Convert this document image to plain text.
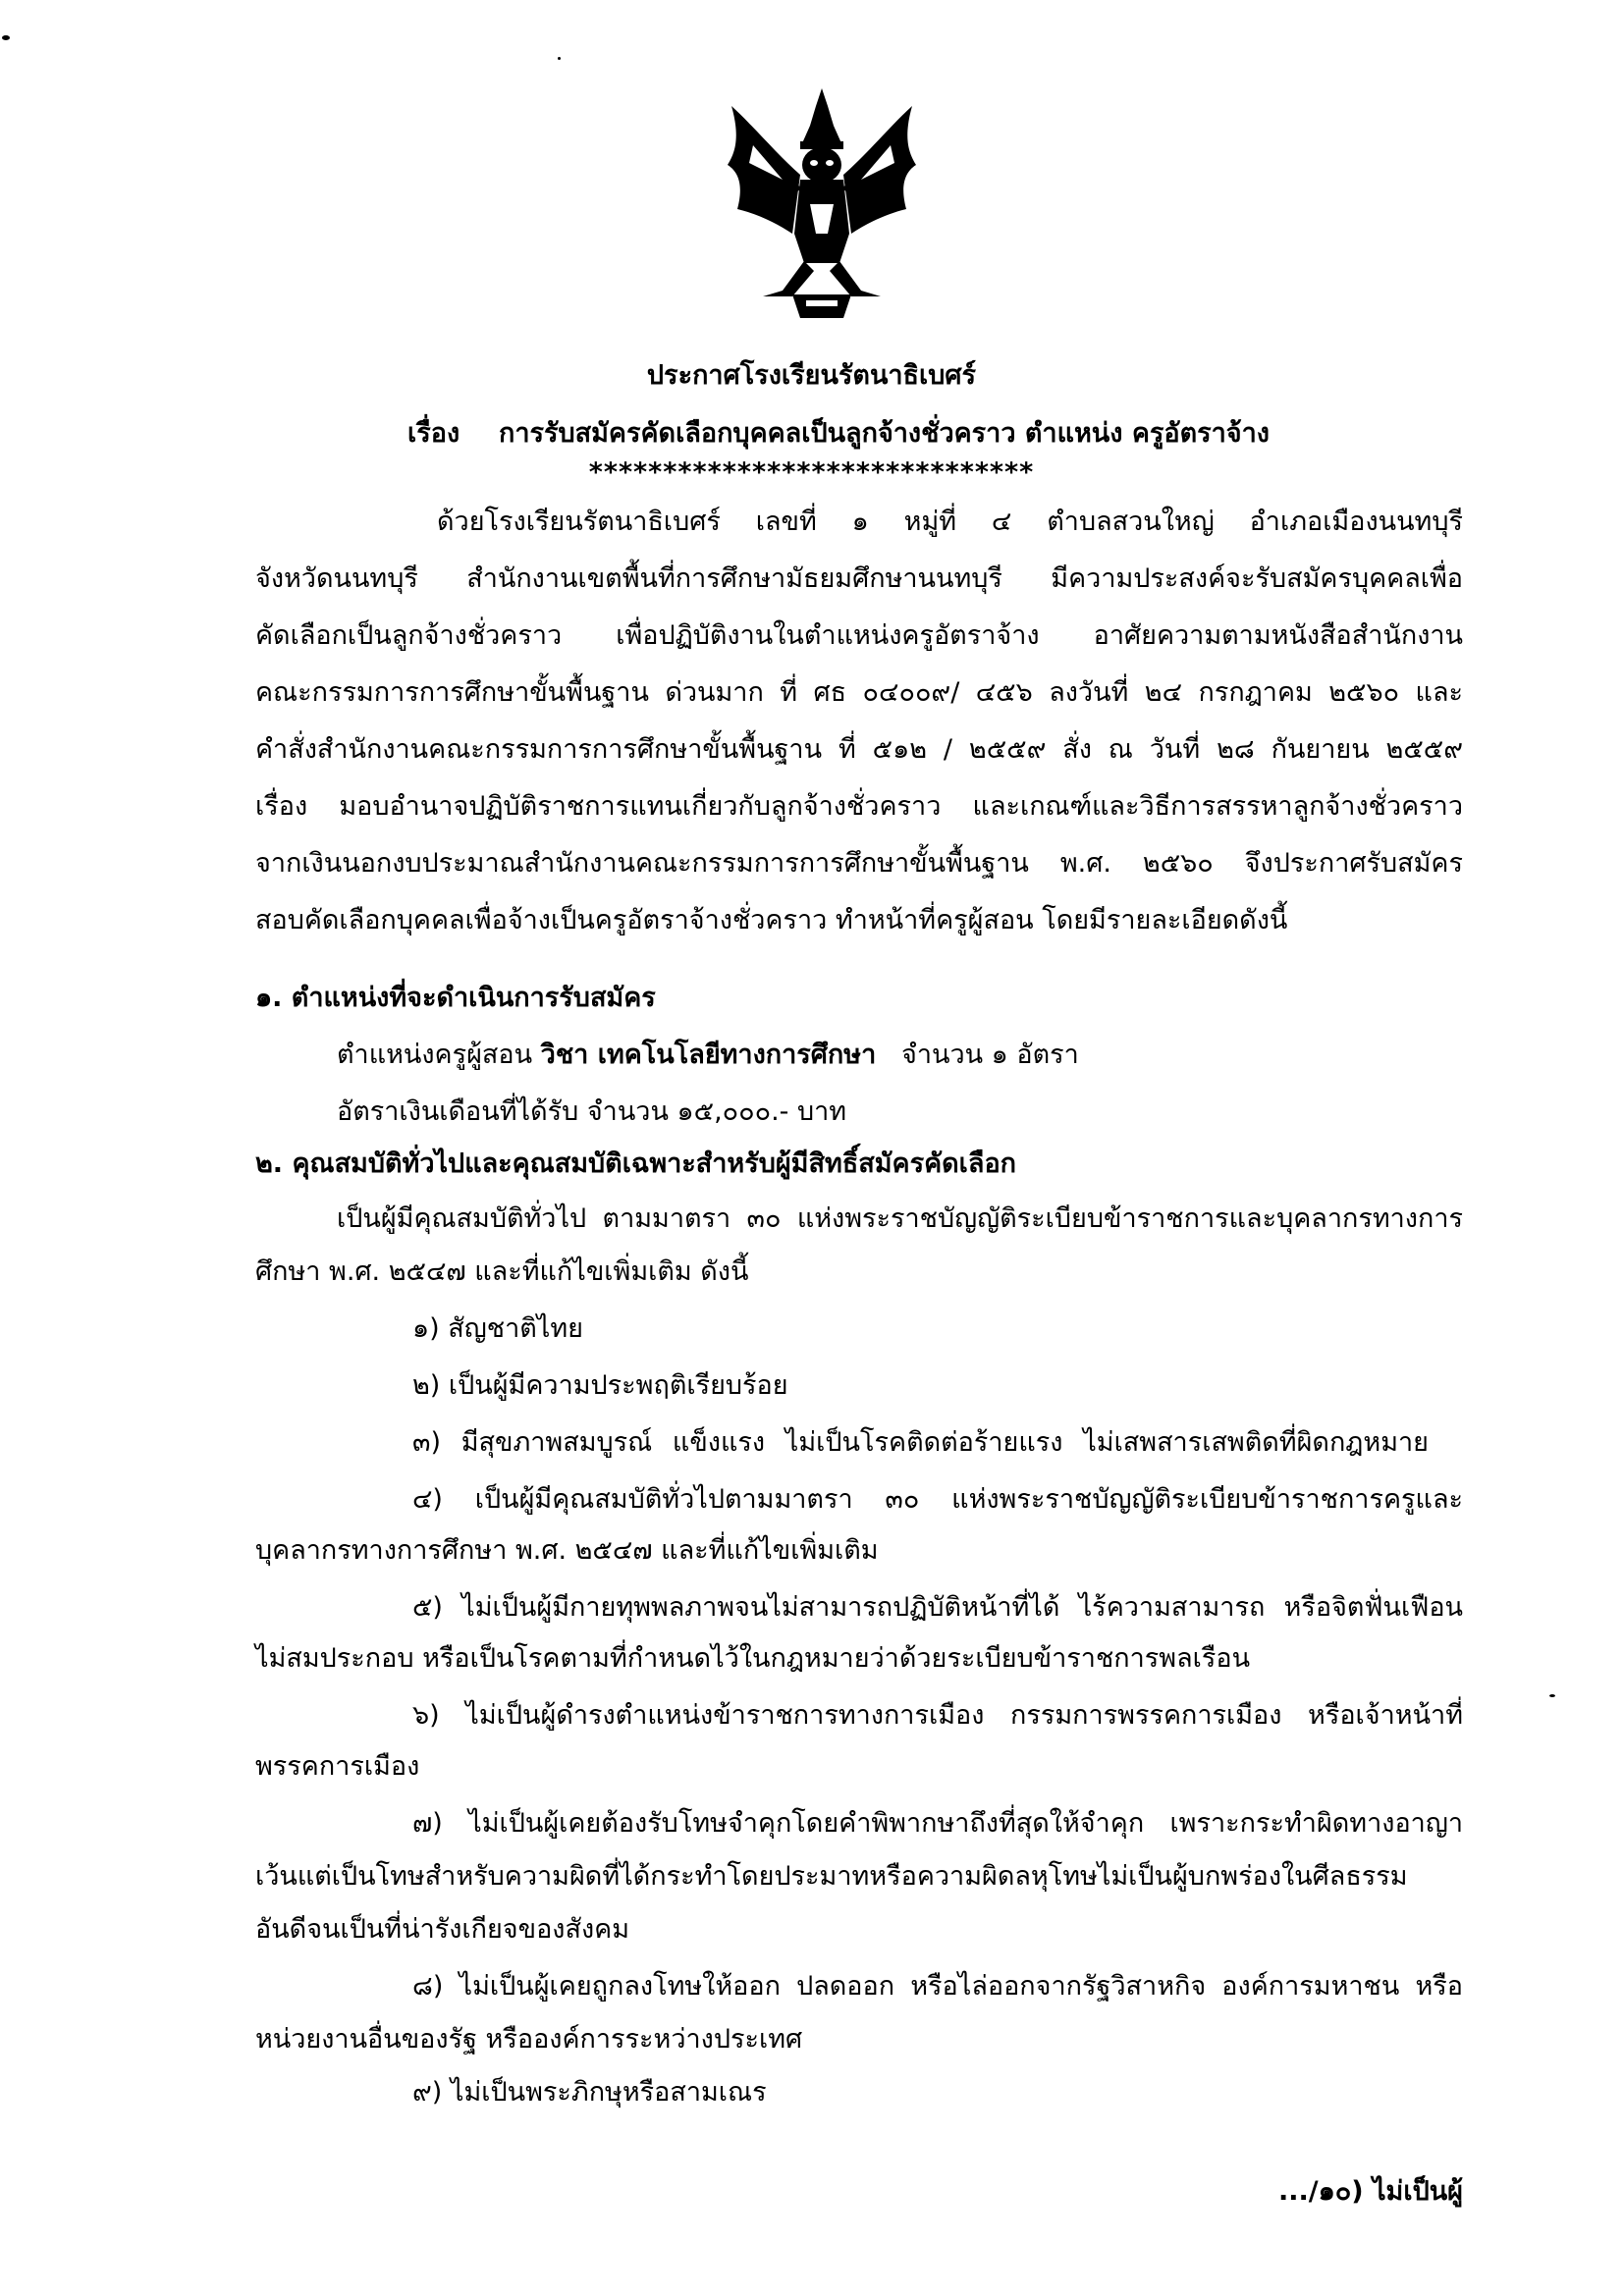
ประกาศโรงเรียนรัตนาธิเบศร์
เรื่อง การรับสมัครคัดเลือกบุคคลเป็นลูกจ้างชั่วคราว ตำแหน่ง ครูอัตราจ้าง
******************************
ด้วยโรงเรียนรัตนาธิเบศร์ เลขที่ ๑ หมู่ที่ ๔ ตำบลสวนใหญ่ อำเภอเมืองนนทบุรี
จังหวัดนนทบุรี สำนักงานเขตพื้นที่การศึกษามัธยมศึกษานนทบุรี มีความประสงค์จะรับสมัครบุคคลเพื่อ
คัดเลือกเป็นลูกจ้างชั่วคราว เพื่อปฏิบัติงานในตำแหน่งครูอัตราจ้าง อาศัยความตามหนังสือสำนักงาน
คณะกรรมการการศึกษาขั้นพื้นฐาน ด่วนมาก ที่ ศธ ๐๔๐๐๙/ ๔๕๖ ลงวันที่ ๒๔ กรกฎาคม ๒๕๖๐ และ
คำสั่งสำนักงานคณะกรรมการการศึกษาขั้นพื้นฐาน ที่ ๕๑๒ / ๒๕๕๙ สั่ง ณ วันที่ ๒๘ กันยายน ๒๕๕๙
เรื่อง มอบอำนาจปฏิบัติราชการแทนเกี่ยวกับลูกจ้างชั่วคราว และเกณฑ์และวิธีการสรรหาลูกจ้างชั่วคราว
จากเงินนอกงบประมาณสำนักงานคณะกรรมการการศึกษาขั้นพื้นฐาน พ.ศ. ๒๕๖๐ จึงประกาศรับสมัคร
สอบคัดเลือกบุคคลเพื่อจ้างเป็นครูอัตราจ้างชั่วคราว ทำหน้าที่ครูผู้สอน โดยมีรายละเอียดดังนี้
๑. ตำแหน่งที่จะดำเนินการรับสมัคร
ตำแหน่งครูผู้สอน วิชา เทคโนโลยีทางการศึกษา จำนวน ๑ อัตรา
อัตราเงินเดือนที่ได้รับ จำนวน ๑๕,๐๐๐.- บาท
๒. คุณสมบัติทั่วไปและคุณสมบัติเฉพาะสำหรับผู้มีสิทธิ์สมัครคัดเลือก
เป็นผู้มีคุณสมบัติทั่วไป ตามมาตรา ๓๐ แห่งพระราชบัญญัติระเบียบข้าราชการและบุคลากรทางการ
ศึกษา พ.ศ. ๒๕๔๗ และที่แก้ไขเพิ่มเติม ดังนี้
๑) สัญชาติไทย
๒) เป็นผู้มีความประพฤติเรียบร้อย
๓) มีสุขภาพสมบูรณ์ แข็งแรง ไม่เป็นโรคติดต่อร้ายแรง ไม่เสพสารเสพติดที่ผิดกฎหมาย
๔) เป็นผู้มีคุณสมบัติทั่วไปตามมาตรา ๓๐ แห่งพระราชบัญญัติระเบียบข้าราชการครูและ
บุคลากรทางการศึกษา พ.ศ. ๒๕๔๗ และที่แก้ไขเพิ่มเติม
๕) ไม่เป็นผู้มีกายทุพพลภาพจนไม่สามารถปฏิบัติหน้าที่ได้ ไร้ความสามารถ หรือจิตฟั่นเฟือน
ไม่สมประกอบ หรือเป็นโรคตามที่กำหนดไว้ในกฎหมายว่าด้วยระเบียบข้าราชการพลเรือน
๖) ไม่เป็นผู้ดำรงตำแหน่งข้าราชการทางการเมือง กรรมการพรรคการเมือง หรือเจ้าหน้าที่
พรรคการเมือง
๗) ไม่เป็นผู้เคยต้องรับโทษจำคุกโดยคำพิพากษาถึงที่สุดให้จำคุก เพราะกระทำผิดทางอาญา
เว้นแต่เป็นโทษสำหรับความผิดที่ได้กระทำโดยประมาทหรือความผิดลหุโทษไม่เป็นผู้บกพร่องในศีลธรรม
อันดีจนเป็นที่น่ารังเกียจของสังคม
๘) ไม่เป็นผู้เคยถูกลงโทษให้ออก ปลดออก หรือไล่ออกจากรัฐวิสาหกิจ องค์การมหาชน หรือ
หน่วยงานอื่นของรัฐ หรือองค์การระหว่างประเทศ
๙) ไม่เป็นพระภิกษุหรือสามเณร
.../๑๐) ไม่เป็นผู้
